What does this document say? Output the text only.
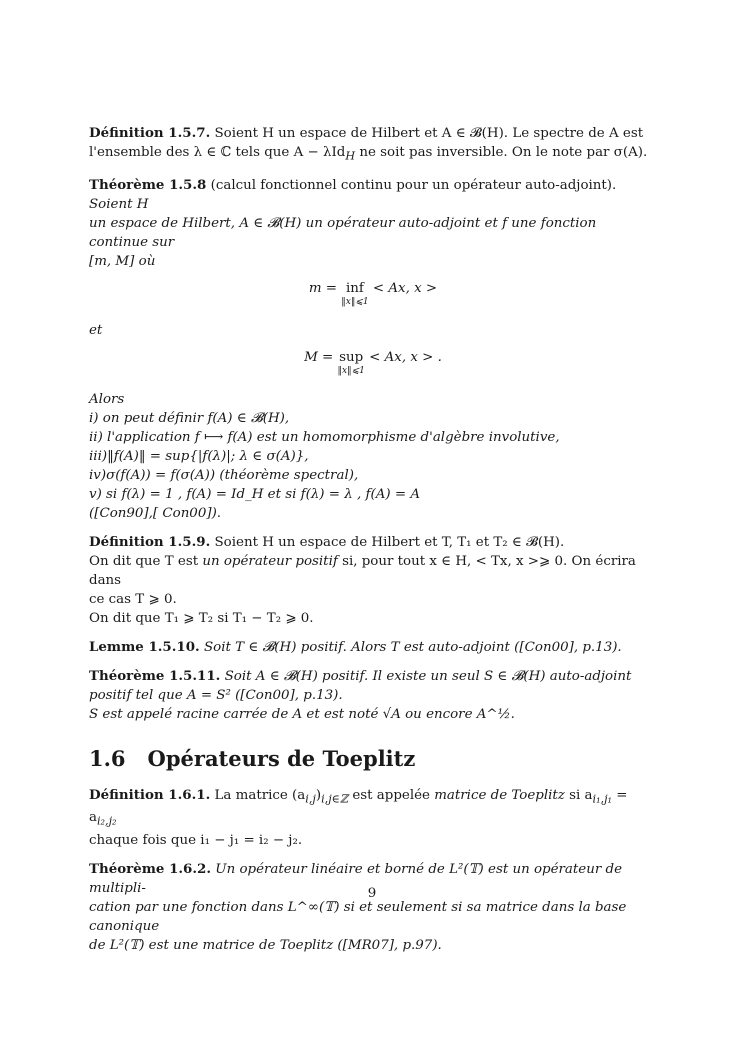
Définition 1.5.7. Soient H un espace de Hilbert et A ∈ 𝓑(H). Le spectre de A est

l'ensemble des λ ∈ ℂ tels que A − λId$_H$ ne soit pas inversible. On le note par σ(A).

Théorème 1.5.8 (calcul fonctionnel continu pour un opérateur auto-adjoint). Soient H

un espace de Hilbert, A ∈ 𝓑(H) un opérateur auto-adjoint et f une fonction continue sur

[m, M] où

m = inf
‖x‖⩽1
< Ax, x >

et

M = sup
‖x‖⩽1
< Ax, x > .

Alors

i) on peut définir f(A) ∈ 𝓑(H),

ii) l'application f ⟼ f(A) est un homomorphisme d'algèbre involutive,

iii)‖f(A)‖ = sup{|f(λ)|; λ ∈ σ(A)},

iv)σ(f(A)) = f(σ(A)) (théorème spectral),

v) si f(λ) = 1 , f(A) = Id_H et si f(λ) = λ , f(A) = A

([Con90],[ Con00]).

Définition 1.5.9. Soient H un espace de Hilbert et T, T₁ et T₂ ∈ 𝓑(H).

On dit que T est un opérateur positif si, pour tout x ∈ H, < Tx, x >⩾ 0. On écrira dans

ce cas T ⩾ 0.

On dit que T₁ ⩾ T₂ si T₁ − T₂ ⩾ 0.

Lemme 1.5.10. Soit T ∈ 𝓑(H) positif. Alors T est auto-adjoint ([Con00], p.13).

Théorème 1.5.11. Soit A ∈ 𝓑(H) positif. Il existe un seul S ∈ 𝓑(H) auto-adjoint

positif tel que A = S² ([Con00], p.13).

S est appelé racine carrée de A et est noté √A ou encore A^½.

1.6 Opérateurs de Toeplitz

Définition 1.6.1. La matrice $(a_{i,j})_{i,j\in ℤ}$ est appelée matrice de Toeplitz si $a_{i_1,j_1} = a_{i_2,j_2}$

chaque fois que i₁ − j₁ = i₂ − j₂.

Théorème 1.6.2. Un opérateur linéaire et borné de L²(𝕋) est un opérateur de multipli-

cation par une fonction dans L^∞(𝕋) si et seulement si sa matrice dans la base canonique

de L²(𝕋) est une matrice de Toeplitz ([MR07], p.97).

9
